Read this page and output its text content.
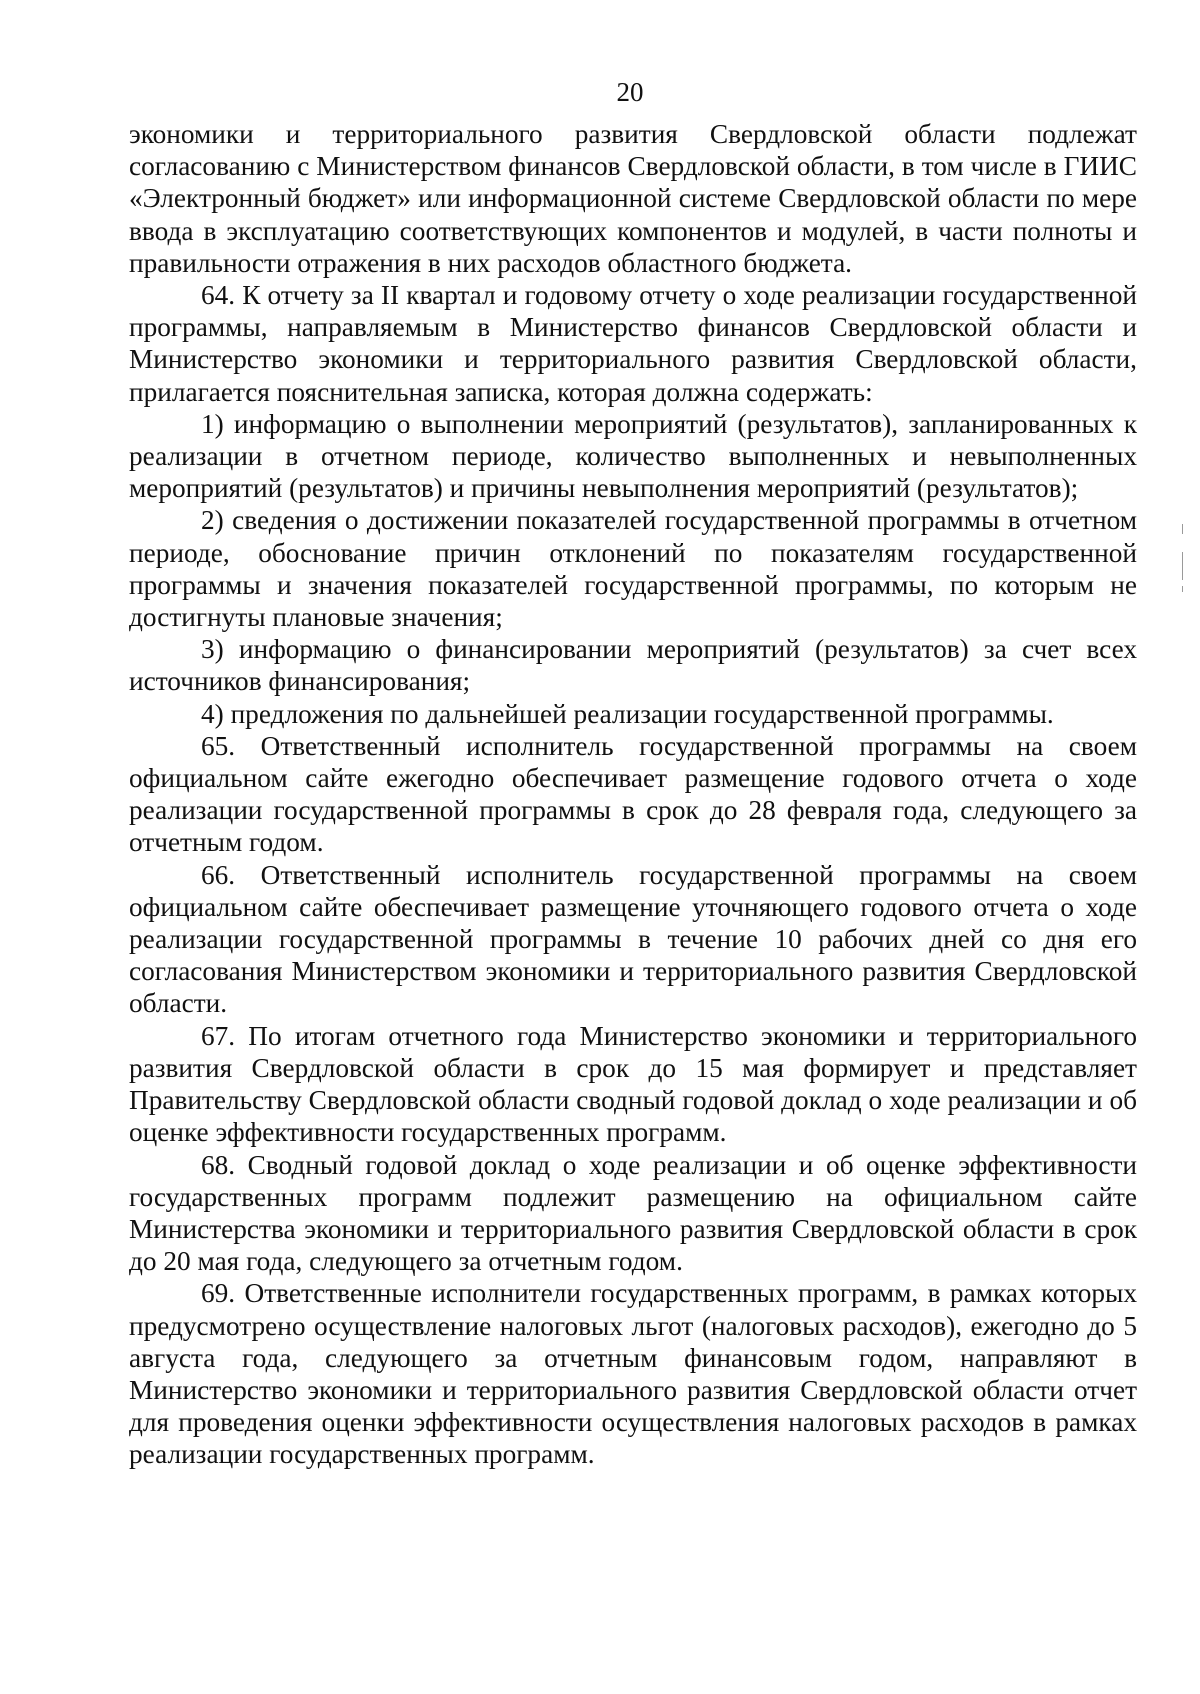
20

экономики и территориального развития Свердловской области подлежат согласованию с Министерством финансов Свердловской области, в том числе в ГИИС «Электронный бюджет» или информационной системе Свердловской области по мере ввода в эксплуатацию соответствующих компонентов и модулей, в части полноты и правильности отражения в них расходов областного бюджета.

64. К отчету за II квартал и годовому отчету о ходе реализации государственной программы, направляемым в Министерство финансов Свердловской области и Министерство экономики и территориального развития Свердловской области, прилагается пояснительная записка, которая должна содержать:

1) информацию о выполнении мероприятий (результатов), запланированных к реализации в отчетном периоде, количество выполненных и невыполненных мероприятий (результатов) и причины невыполнения мероприятий (результатов);

2) сведения о достижении показателей государственной программы в отчетном периоде, обоснование причин отклонений по показателям государственной программы и значения показателей государственной программы, по которым не достигнуты плановые значения;

3) информацию о финансировании мероприятий (результатов) за счет всех источников финансирования;

4) предложения по дальнейшей реализации государственной программы.

65. Ответственный исполнитель государственной программы на своем официальном сайте ежегодно обеспечивает размещение годового отчета о ходе реализации государственной программы в срок до 28 февраля года, следующего за отчетным годом.

66. Ответственный исполнитель государственной программы на своем официальном сайте обеспечивает размещение уточняющего годового отчета о ходе реализации государственной программы в течение 10 рабочих дней со дня его согласования Министерством экономики и территориального развития Свердловской области.

67. По итогам отчетного года Министерство экономики и территориального развития Свердловской области в срок до 15 мая формирует и представляет Правительству Свердловской области сводный годовой доклад о ходе реализации и об оценке эффективности государственных программ.

68. Сводный годовой доклад о ходе реализации и об оценке эффективности государственных программ подлежит размещению на официальном сайте Министерства экономики и территориального развития Свердловской области в срок до 20 мая года, следующего за отчетным годом.

69. Ответственные исполнители государственных программ, в рамках которых предусмотрено осуществление налоговых льгот (налоговых расходов), ежегодно до 5 августа года, следующего за отчетным финансовым годом, направляют в Министерство экономики и территориального развития Свердловской области отчет для проведения оценки эффективности осуществления налоговых расходов в рамках реализации государственных программ.
